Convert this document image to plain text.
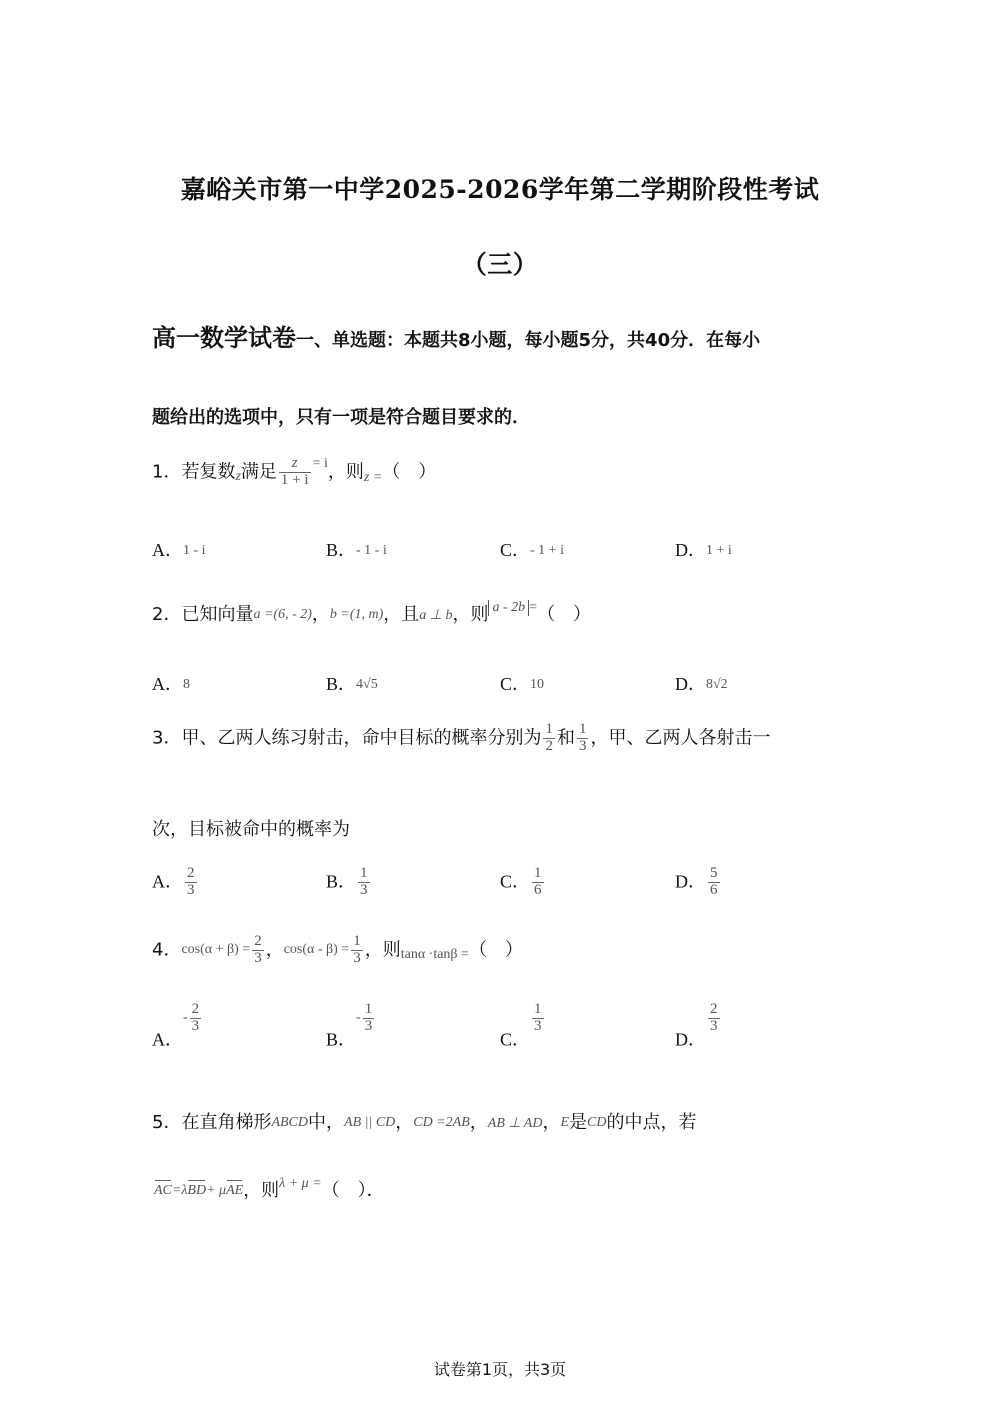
嘉峪关市第一中学2025-2026学年第二学期阶段性考试
（三）
高一数学试卷一、单选题：本题共8小题，每小题5分，共40分．在每小
题给出的选项中，只有一项是符合题目要求的．
1．若复数z满足 $\frac{z}{1 + i} = i$，则z =（　）
A．1 - i	B．- 1 - i	C．- 1 + i	D．1 + i
2．已知向量a =(6, - 2)，b =(1, m)，且a ⊥ b，则 a - 2b =（　）
A．8	B．4√5	C．10	D．8√2
3．甲、乙两人练习射击，命中目标的概率分别为 $\frac{1}{2}$ 和 $\frac{1}{3}$ ，甲、乙两人各射击一
次，目标被命中的概率为
A． $\frac{2}{3}$	B． $\frac{1}{3}$	C． $\frac{1}{6}$	D． $\frac{5}{6}$
4．$\cos(\alpha + \beta) = \frac{2}{3}$ ，$\cos(\alpha - \beta) = \frac{1}{3}$ ，则tanα ·tanβ =（　）
A．- $\frac{2}{3}$
B．- $\frac{1}{3}$
C．
$\frac{1}{3}$
D．
$\frac{2}{3}$
5．在直角梯形ABCD中，AB || CD，CD =2AB，AB ⊥ AD，E是CD的中点，若
AC=λBD+ μAE，则λ + μ =（　）．
试卷第1页，共3页
